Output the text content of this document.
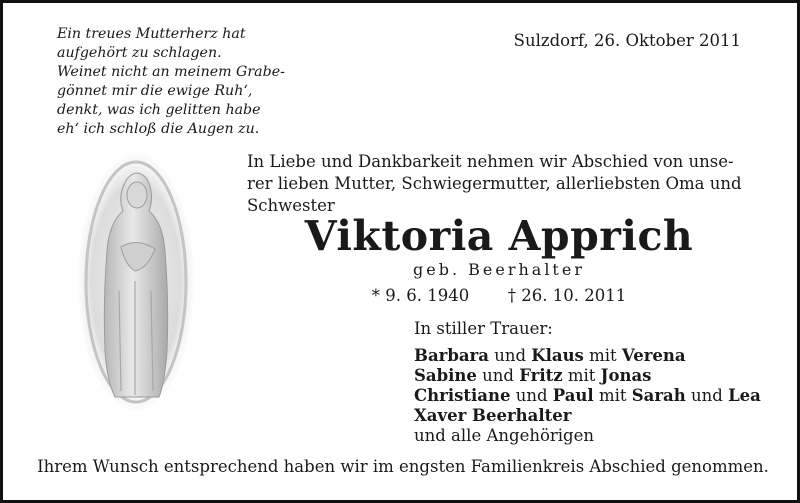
Ein treues Mutterherz hat
aufgehört zu schlagen.
Weinet nicht an meinem Grabe-
gönnet mir die ewige Ruh‘,
denkt, was ich gelitten habe
eh‘ ich schloß die Augen zu.
Sulzdorf, 26. Oktober 2011
In Liebe und Dankbarkeit nehmen wir Abschied von unse-
rer lieben Mutter, Schwiegermutter, allerliebsten Oma und
Schwester
Viktoria Apprich
geb. Beerhalter
* 9. 6. 1940 † 26. 10. 2011
In stiller Trauer:
Barbara und Klaus mit Verena
Sabine und Fritz mit Jonas
Christiane und Paul mit Sarah und Lea
Xaver Beerhalter
und alle Angehörigen
Ihrem Wunsch entsprechend haben wir im engsten Familienkreis Abschied genommen.
